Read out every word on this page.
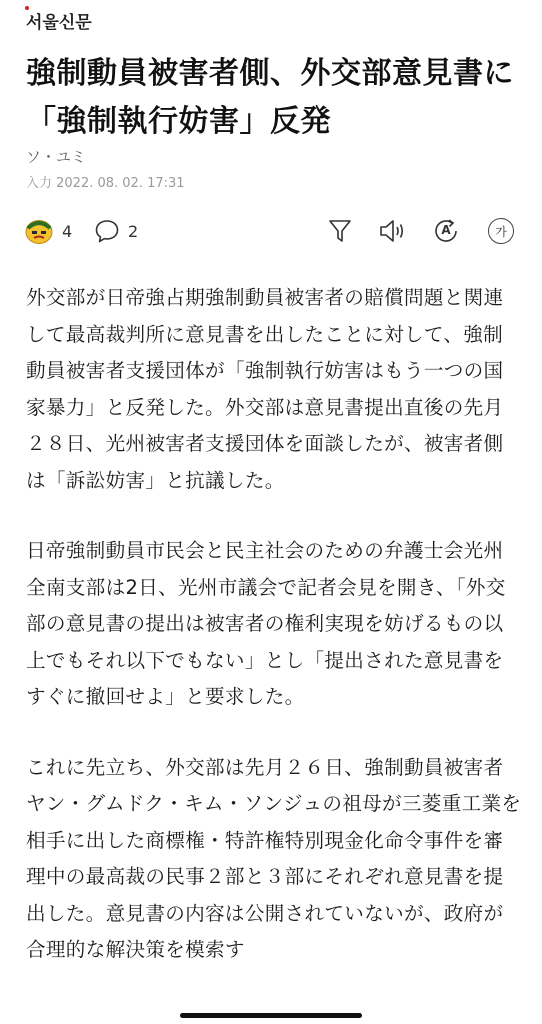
서울신문
強制動員被害者側、外交部意見書に「強制執行妨害」反発
ソ・ユミ
入力 2022. 08. 02. 17:31
4	2	A	가

外交部が日帝強占期強制動員被害者の賠償問題と関連して最高裁判所に意見書を出したことに対して、強制動員被害者支援団体が「強制執行妨害はもう一つの国家暴力」と反発した。外交部は意見書提出直後の先月２８日、光州被害者支援団体を面談したが、被害者側は「訴訟妨害」と抗議した。

日帝強制動員市民会と民主社会のための弁護士会光州全南支部は2日、光州市議会で記者会見を開き、「外交部の意見書の提出は被害者の権利実現を妨げるもの以上でもそれ以下でもない」とし「提出された意見書をすぐに撤回せよ」と要求した。

これに先立ち、外交部は先月２６日、強制動員被害者ヤン・グムドク・キム・ソンジュの祖母が三菱重工業を相手に出した商標権・特許権特別現金化命令事件を審理中の最高裁の民事２部と３部にそれぞれ意見書を提出した。意見書の内容は公開されていないが、政府が合理的な解決策を模索す
